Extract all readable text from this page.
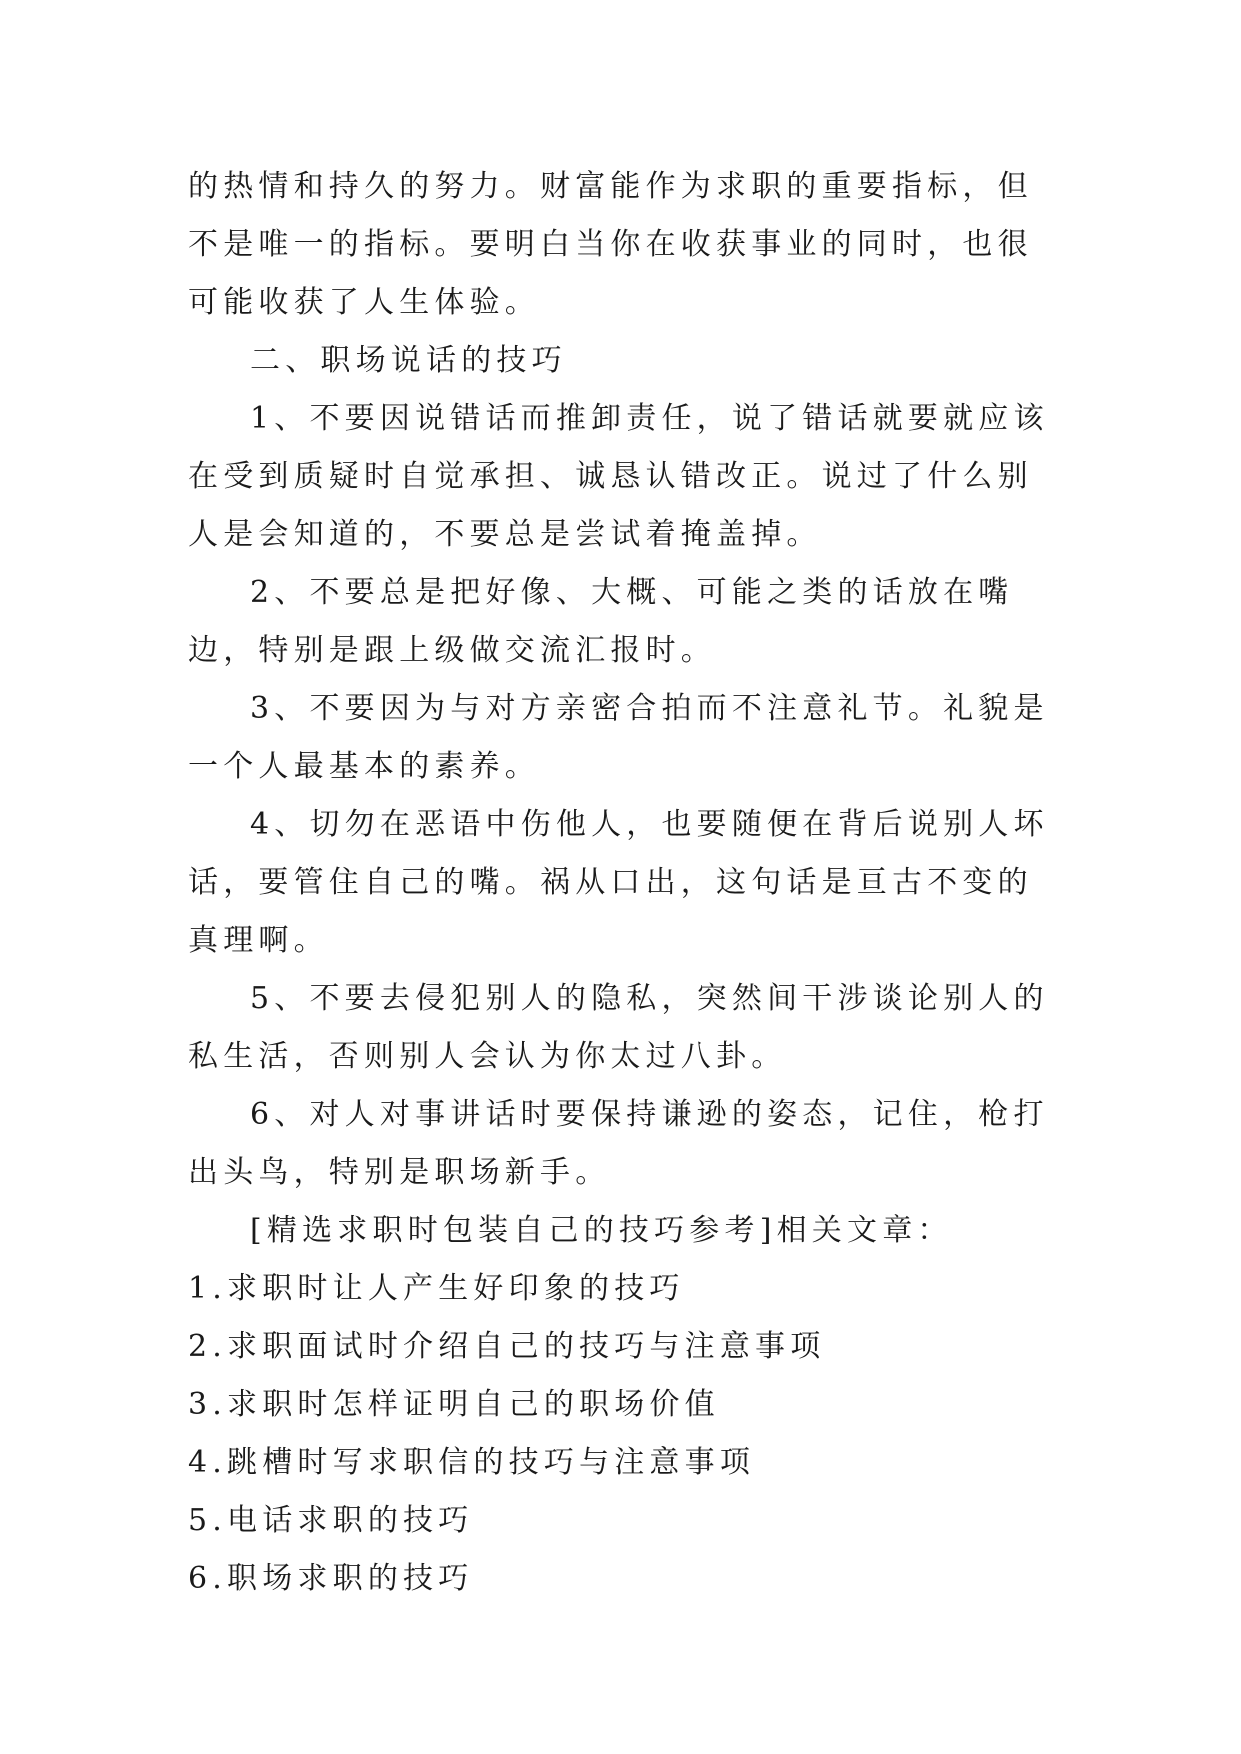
的热情和持久的努力。财富能作为求职的重要指标，但不是唯一的指标。要明白当你在收获事业的同时，也很可能收获了人生体验。

二、职场说话的技巧

1、不要因说错话而推卸责任，说了错话就要就应该在受到质疑时自觉承担、诚恳认错改正。说过了什么别人是会知道的，不要总是尝试着掩盖掉。

2、不要总是把好像、大概、可能之类的话放在嘴边，特别是跟上级做交流汇报时。

3、不要因为与对方亲密合拍而不注意礼节。礼貌是一个人最基本的素养。

4、切勿在恶语中伤他人，也要随便在背后说别人坏话，要管住自己的嘴。祸从口出，这句话是亘古不变的真理啊。

5、不要去侵犯别人的隐私，突然间干涉谈论别人的私生活，否则别人会认为你太过八卦。

6、对人对事讲话时要保持谦逊的姿态，记住，枪打出头鸟，特别是职场新手。

[精选求职时包装自己的技巧参考]相关文章：

1.求职时让人产生好印象的技巧

2.求职面试时介绍自己的技巧与注意事项

3.求职时怎样证明自己的职场价值

4.跳槽时写求职信的技巧与注意事项

5.电话求职的技巧

6.职场求职的技巧
